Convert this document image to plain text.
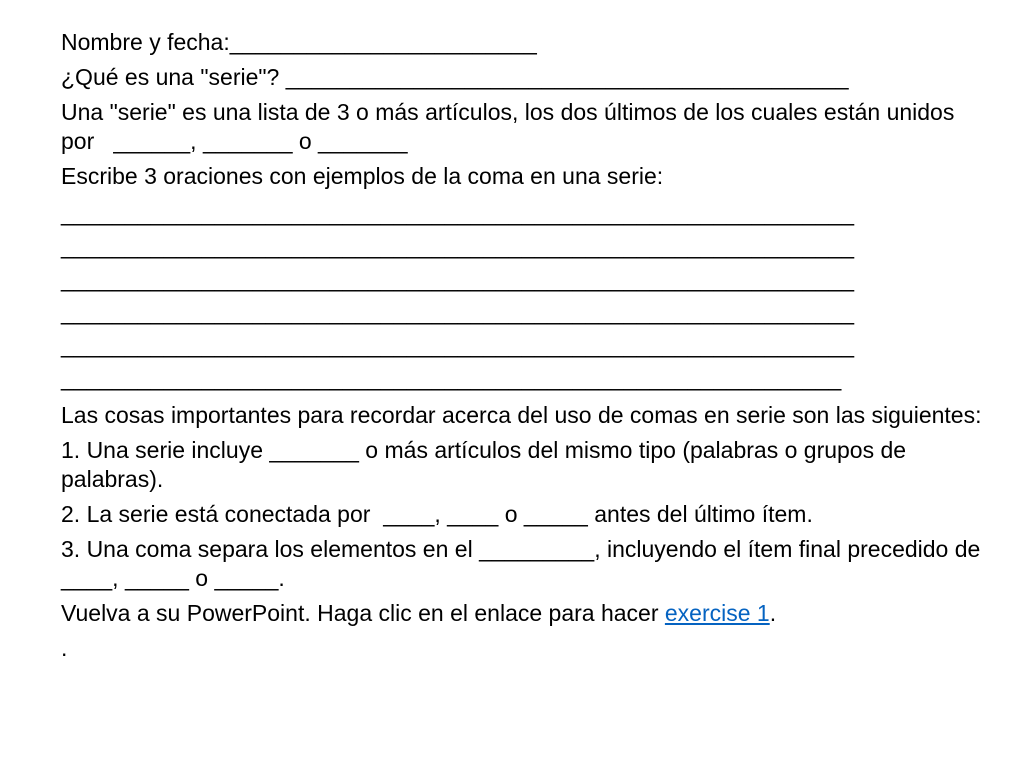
Nombre y fecha:________________________

¿Qué es una "serie"? ____________________________________________

Una "serie" es una lista de 3 o más artículos, los dos últimos de los cuales están unidos por   ______, _______ o _______

Escribe 3 oraciones con ejemplos de la coma en una serie:

______________________________________________________________

______________________________________________________________

______________________________________________________________

______________________________________________________________

______________________________________________________________

_____________________________________________________________

Las cosas importantes para recordar acerca del uso de comas en serie son las siguientes:

1. Una serie incluye _______ o más artículos del mismo tipo (palabras o grupos de palabras).

2. La serie está conectada por  ____, ____ o _____ antes del último ítem.

3. Una coma separa los elementos en el _________, incluyendo el ítem final precedido de ____, _____ o _____.

Vuelva a su PowerPoint. Haga clic en el enlace para hacer exercise 1.

.
